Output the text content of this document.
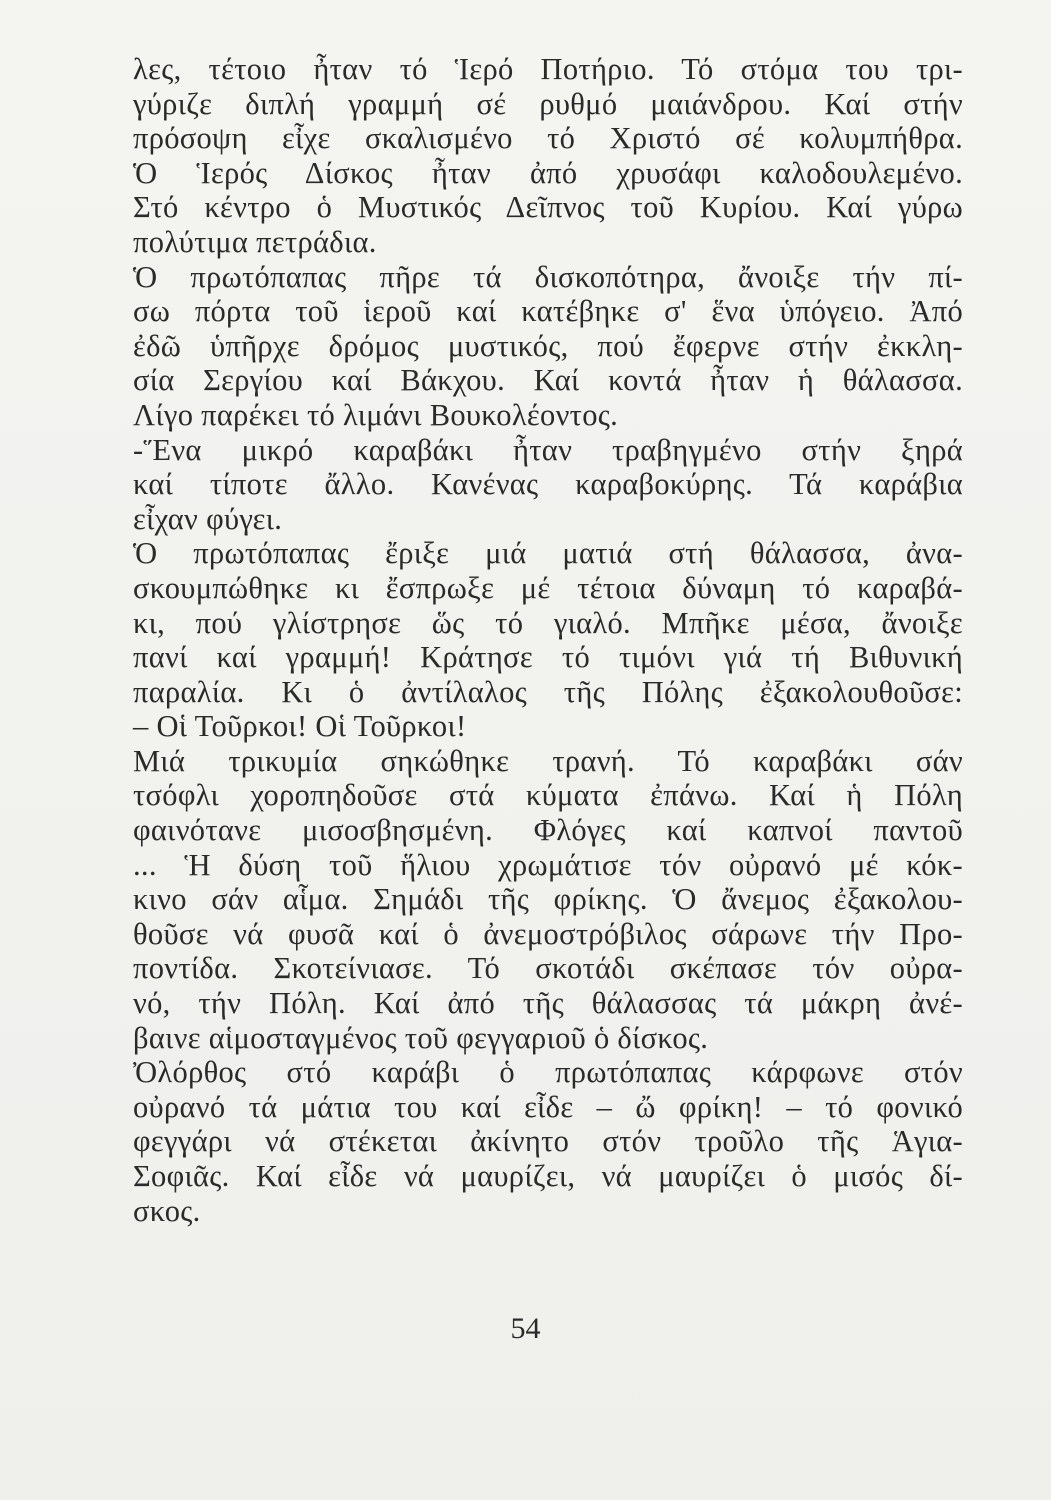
λες, τέτοιο ἦταν τό Ἱερό Ποτήριο. Τό στόμα του τρι-
γύριζε διπλή γραμμή σέ ρυθμό μαιάνδρου. Καί στήν
πρόσοψη εἶχε σκαλισμένο τό Χριστό σέ κολυμπήθρα.
Ὁ Ἱερός Δίσκος ἦταν ἀπό χρυσάφι καλοδουλεμένο.
Στό κέντρο ὁ Μυστικός Δεῖπνος τοῦ Κυρίου. Καί γύρω
πολύτιμα πετράδια.
Ὁ πρωτόπαπας πῆρε τά δισκοπότηρα, ἄνοιξε τήν πί-
σω πόρτα τοῦ ἱεροῦ καί κατέβηκε σ' ἕνα ὑπόγειο. Ἀπό
ἐδῶ ὑπῆρχε δρόμος μυστικός, πού ἔφερνε στήν ἐκκλη-
σία Σεργίου καί Βάκχου. Καί κοντά ἦταν ἡ θάλασσα.
Λίγο παρέκει τό λιμάνι Βουκολέοντος.
-Ἕνα μικρό καραβάκι ἦταν τραβηγμένο στήν ξηρά
καί τίποτε ἄλλο. Κανένας καραβοκύρης. Τά καράβια
εἶχαν φύγει.
Ὁ πρωτόπαπας ἔριξε μιά ματιά στή θάλασσα, ἀνα-
σκουμπώθηκε κι ἔσπρωξε μέ τέτοια δύναμη τό καραβά-
κι, πού γλίστρησε ὥς τό γιαλό. Μπῆκε μέσα, ἄνοιξε
πανί καί γραμμή! Κράτησε τό τιμόνι γιά τή Βιθυνική
παραλία. Κι ὁ ἀντίλαλος τῆς Πόλης ἐξακολουθοῦσε:
– Οἱ Τοῦρκοι! Οἱ Τοῦρκοι!
Μιά τρικυμία σηκώθηκε τρανή. Τό καραβάκι σάν
τσόφλι χοροπηδοῦσε στά κύματα ἐπάνω. Καί ἡ Πόλη
φαινότανε μισοσβησμένη. Φλόγες καί καπνοί παντοῦ
... Ἡ δύση τοῦ ἥλιου χρωμάτισε τόν οὐρανό μέ κόκ-
κινο σάν αἷμα. Σημάδι τῆς φρίκης. Ὁ ἄνεμος ἐξακολου-
θοῦσε νά φυσᾶ καί ὁ ἀνεμοστρόβιλος σάρωνε τήν Προ-
ποντίδα. Σκοτείνιασε. Τό σκοτάδι σκέπασε τόν οὐρα-
νό, τήν Πόλη. Καί ἀπό τῆς θάλασσας τά μάκρη ἀνέ-
βαινε αἱμοσταγμένος τοῦ φεγγαριοῦ ὁ δίσκος.
Ὀλόρθος στό καράβι ὁ πρωτόπαπας κάρφωνε στόν
οὐρανό τά μάτια του καί εἶδε – ὤ φρίκη! – τό φονικό
φεγγάρι νά στέκεται ἀκίνητο στόν τροῦλο τῆς Ἁγια-
Σοφιᾶς. Καί εἶδε νά μαυρίζει, νά μαυρίζει ὁ μισός δί-
σκος.
54
